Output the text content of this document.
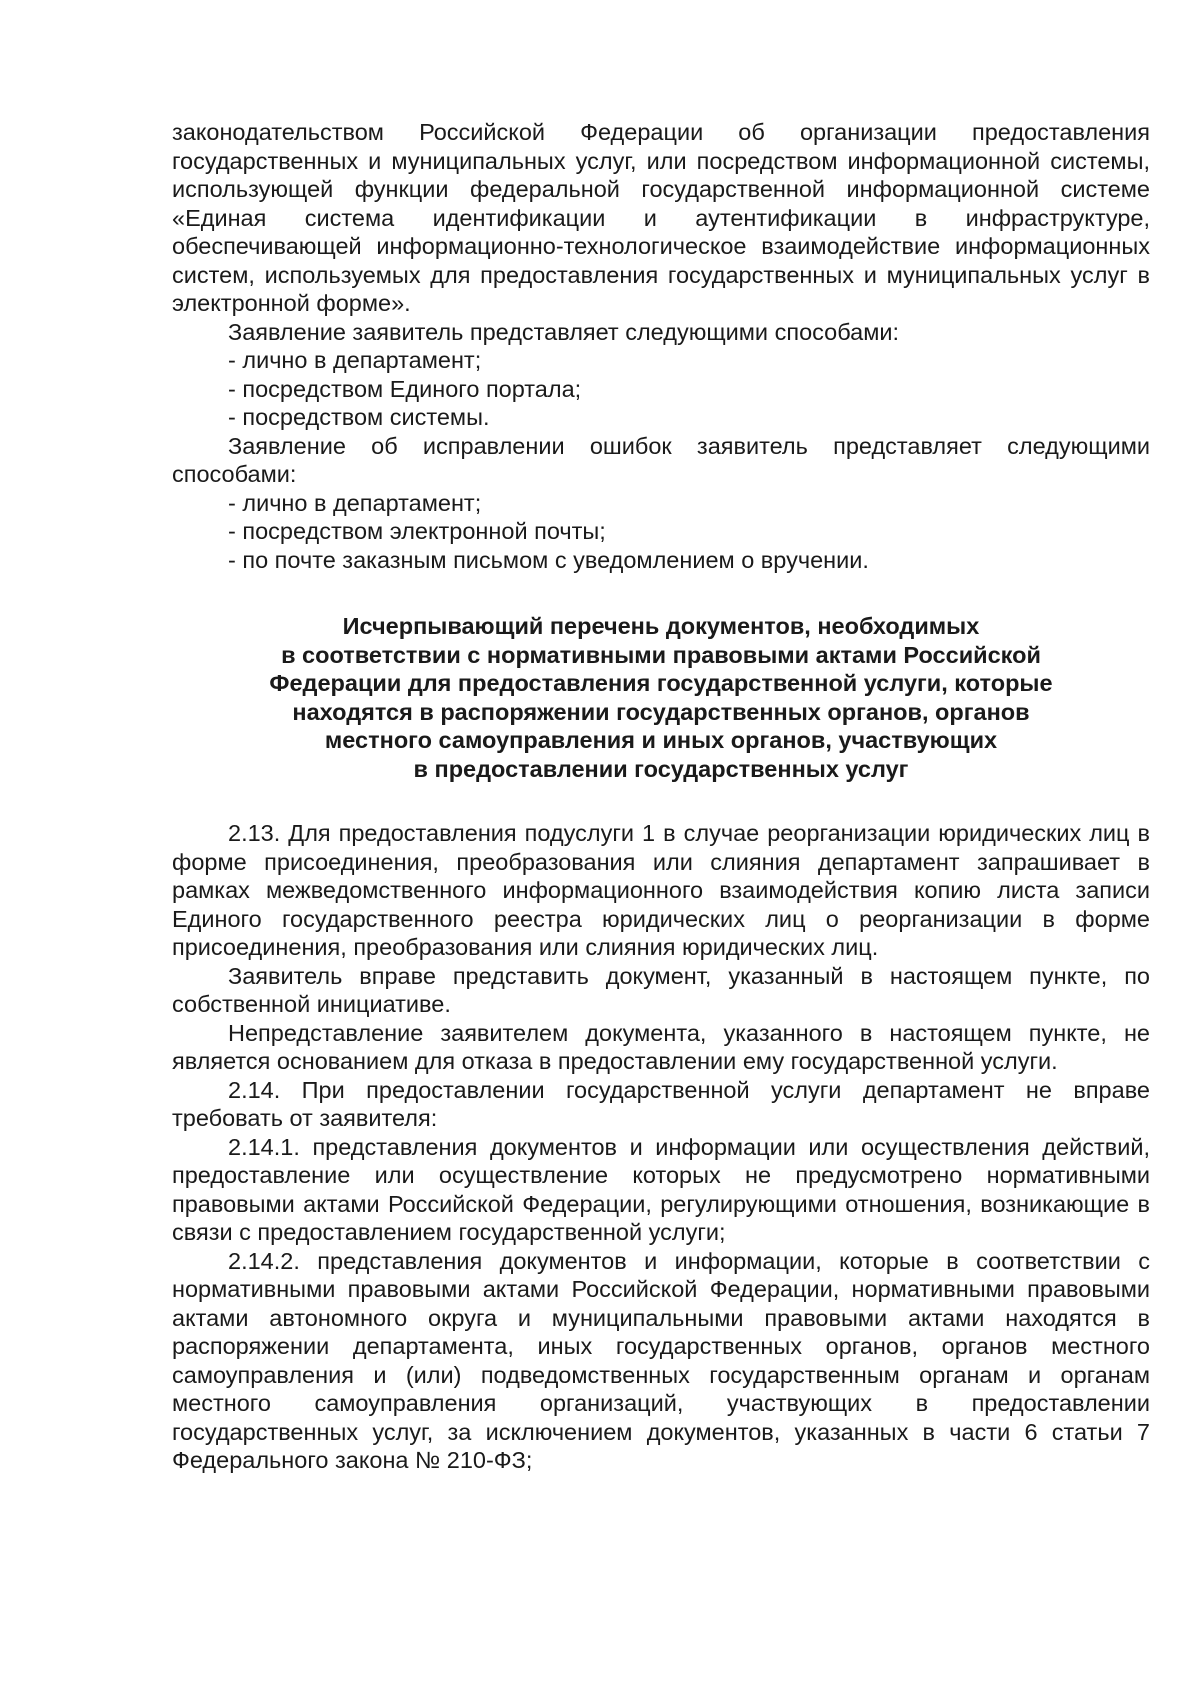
законодательством Российской Федерации об организации предоставления государственных и муниципальных услуг, или посредством информационной системы, использующей функции федеральной государственной информационной системе «Единая система идентификации и аутентификации в инфраструктуре, обеспечивающей информационно-технологическое взаимодействие информационных систем, используемых для предоставления государственных и муниципальных услуг в электронной форме».

Заявление заявитель представляет следующими способами:

- лично в департамент;

- посредством Единого портала;

- посредством системы.

Заявление об исправлении ошибок заявитель представляет следующими способами:

- лично в департамент;

- посредством электронной почты;

- по почте заказным письмом с уведомлением о вручении.

Исчерпывающий перечень документов, необходимых
в соответствии с нормативными правовыми актами Российской
Федерации для предоставления государственной услуги, которые
находятся в распоряжении государственных органов, органов
местного самоуправления и иных органов, участвующих
в предоставлении государственных услуг

2.13. Для предоставления подуслуги 1 в случае реорганизации юридических лиц в форме присоединения, преобразования или слияния департамент запрашивает в рамках межведомственного информационного взаимодействия копию листа записи Единого государственного реестра юридических лиц о реорганизации в форме присоединения, преобразования или слияния юридических лиц.

Заявитель вправе представить документ, указанный в настоящем пункте, по собственной инициативе.

Непредставление заявителем документа, указанного в настоящем пункте, не является основанием для отказа в предоставлении ему государственной услуги.

2.14. При предоставлении государственной услуги департамент не вправе требовать от заявителя:

2.14.1. представления документов и информации или осуществления действий, предоставление или осуществление которых не предусмотрено нормативными правовыми актами Российской Федерации, регулирующими отношения, возникающие в связи с предоставлением государственной услуги;

2.14.2. представления документов и информации, которые в соответствии с нормативными правовыми актами Российской Федерации, нормативными правовыми актами автономного округа и муниципальными правовыми актами находятся в распоряжении департамента, иных государственных органов, органов местного самоуправления и (или) подведомственных государственным органам и органам местного самоуправления организаций, участвующих в предоставлении государственных услуг, за исключением документов, указанных в части 6 статьи 7 Федерального закона № 210-ФЗ;
